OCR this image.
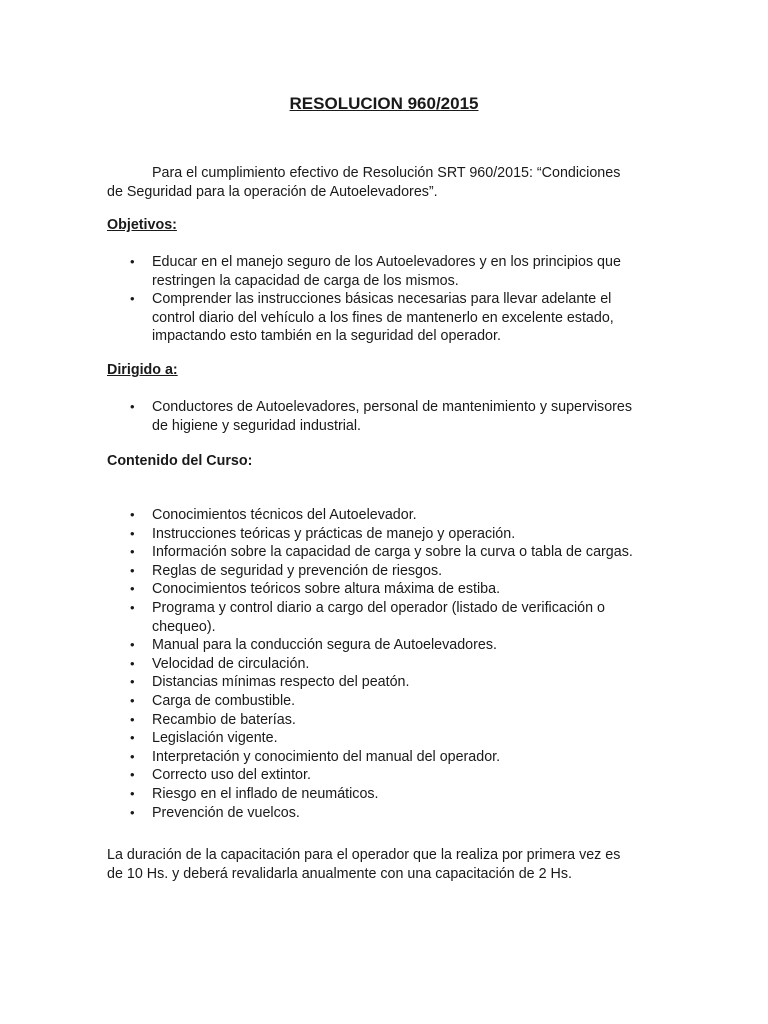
RESOLUCION 960/2015
Para el cumplimiento efectivo de Resolución SRT 960/2015: “Condiciones
de Seguridad para la operación de Autoelevadores”.
Objetivos:
• Educar en el manejo seguro de los Autoelevadores y en los principios que
restringen la capacidad de carga de los mismos.
• Comprender las instrucciones básicas necesarias para llevar adelante el
control diario del vehículo a los fines de mantenerlo en excelente estado,
impactando esto también en la seguridad del operador.
Dirigido a:
• Conductores de Autoelevadores, personal de mantenimiento y supervisores
de higiene y seguridad industrial.
Contenido del Curso:
• Conocimientos técnicos del Autoelevador.
• Instrucciones teóricas y prácticas de manejo y operación.
• Información sobre la capacidad de carga y sobre la curva o tabla de cargas.
• Reglas de seguridad y prevención de riesgos.
• Conocimientos teóricos sobre altura máxima de estiba.
• Programa y control diario a cargo del operador (listado de verificación o
chequeo).
• Manual para la conducción segura de Autoelevadores.
• Velocidad de circulación.
• Distancias mínimas respecto del peatón.
• Carga de combustible.
• Recambio de baterías.
• Legislación vigente.
• Interpretación y conocimiento del manual del operador.
• Correcto uso del extintor.
• Riesgo en el inflado de neumáticos.
• Prevención de vuelcos.
La duración de la capacitación para el operador que la realiza por primera vez es
de 10 Hs. y deberá revalidarla anualmente con una capacitación de 2 Hs.
